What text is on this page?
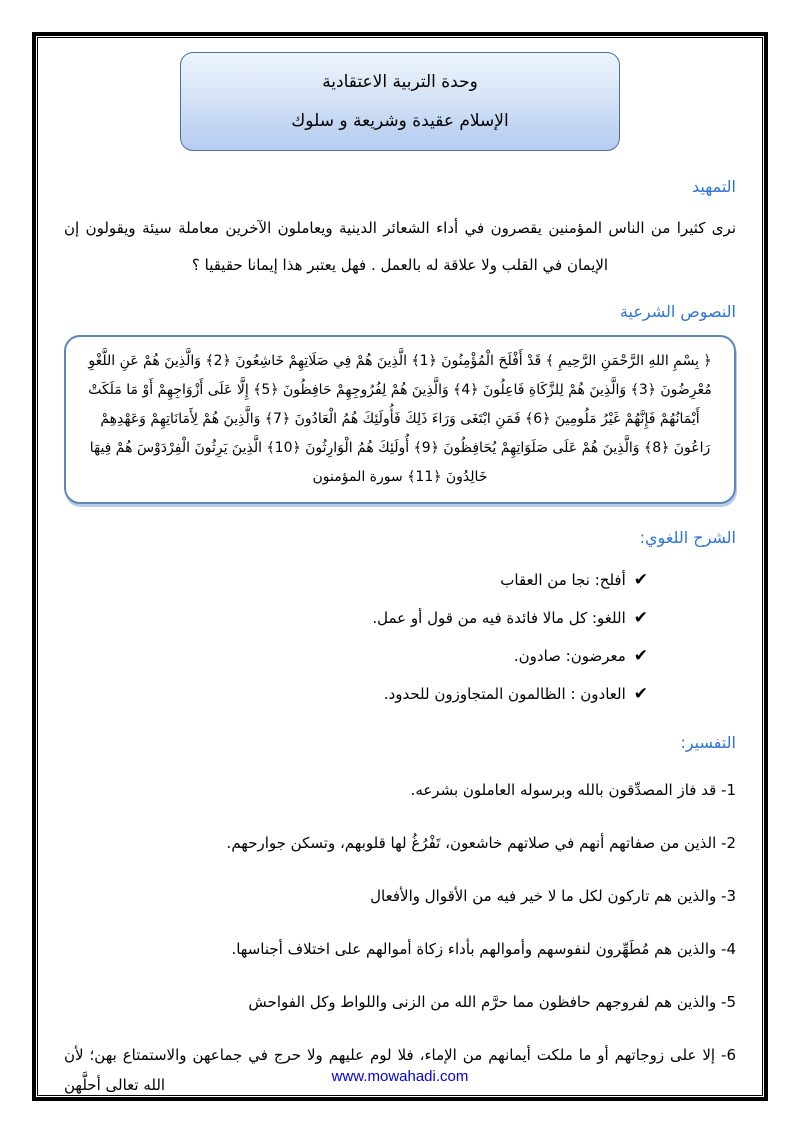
وحدة التربية الاعتقادية
الإسلام عقيدة وشريعة و سلوك
التمهيد
نرى كثيرا من الناس المؤمنين يقصرون في أداء الشعائر الدينية ويعاملون الآخرين معاملة سيئة ويقولون إن الإيمان في القلب ولا علاقة له بالعمل . فهل يعتبر هذا إيمانا حقيقيا ؟
النصوص الشرعية
﴿ بِسْمِ اللهِ الرَّحْمَنِ الرَّحِيمِ ﴾ قَدْ أَفْلَحَ الْمُؤْمِنُونَ ﴿1﴾ الَّذِينَ هُمْ فِي صَلَاتِهِمْ خَاشِعُونَ ﴿2﴾ وَالَّذِينَ هُمْ عَنِ اللَّغْوِ مُعْرِضُونَ ﴿3﴾ وَالَّذِينَ هُمْ لِلزَّكَاةِ فَاعِلُونَ ﴿4﴾ وَالَّذِينَ هُمْ لِفُرُوجِهِمْ حَافِظُونَ ﴿5﴾ إِلَّا عَلَى أَزْوَاجِهِمْ أَوْ مَا مَلَكَتْ أَيْمَانُهُمْ فَإِنَّهُمْ غَيْرُ مَلُومِينَ ﴿6﴾ فَمَنِ ابْتَغَى وَرَاءَ ذَلِكَ فَأُولَئِكَ هُمُ الْعَادُونَ ﴿7﴾ وَالَّذِينَ هُمْ لِأَمَانَاتِهِمْ وَعَهْدِهِمْ رَاعُونَ ﴿8﴾ وَالَّذِينَ هُمْ عَلَى صَلَوَاتِهِمْ يُحَافِظُونَ ﴿9﴾ أُولَئِكَ هُمُ الْوَارِثُونَ ﴿10﴾ الَّذِينَ يَرِثُونَ الْفِرْدَوْسَ هُمْ فِيهَا خَالِدُونَ ﴿11﴾ سورة المؤمنون
الشرح اللغوي:
✔أفلح: نجا من العقاب
✔اللغو: كل مالا فائدة فيه من قول أو عمل.
✔معرضون: صادون.
✔العادون : الظالمون المتجاوزون للحدود.
التفسير:
1- قد فاز المصدِّقون بالله وبرسوله العاملون بشرعه.
2- الذين من صفاتهم أنهم في صلاتهم خاشعون، تَفْرُغُ لها قلوبهم، وتسكن جوارحهم.
3- والذين هم تاركون لكل ما لا خير فيه من الأقوال والأفعال
4- والذين هم مُطَهِّرون لنفوسهم وأموالهم بأداء زكاة أموالهم على اختلاف أجناسها.
5- والذين هم لفروجهم حافظون مما حرَّم الله من الزنى واللواط وكل الفواحش
6- إلا على زوجاتهم أو ما ملكت أيمانهم من الإماء، فلا لوم عليهم ولا حرج في جماعهن والاستمتاع بهن؛ لأن الله تعالى أحلَّهن	www.mowahadi.com
